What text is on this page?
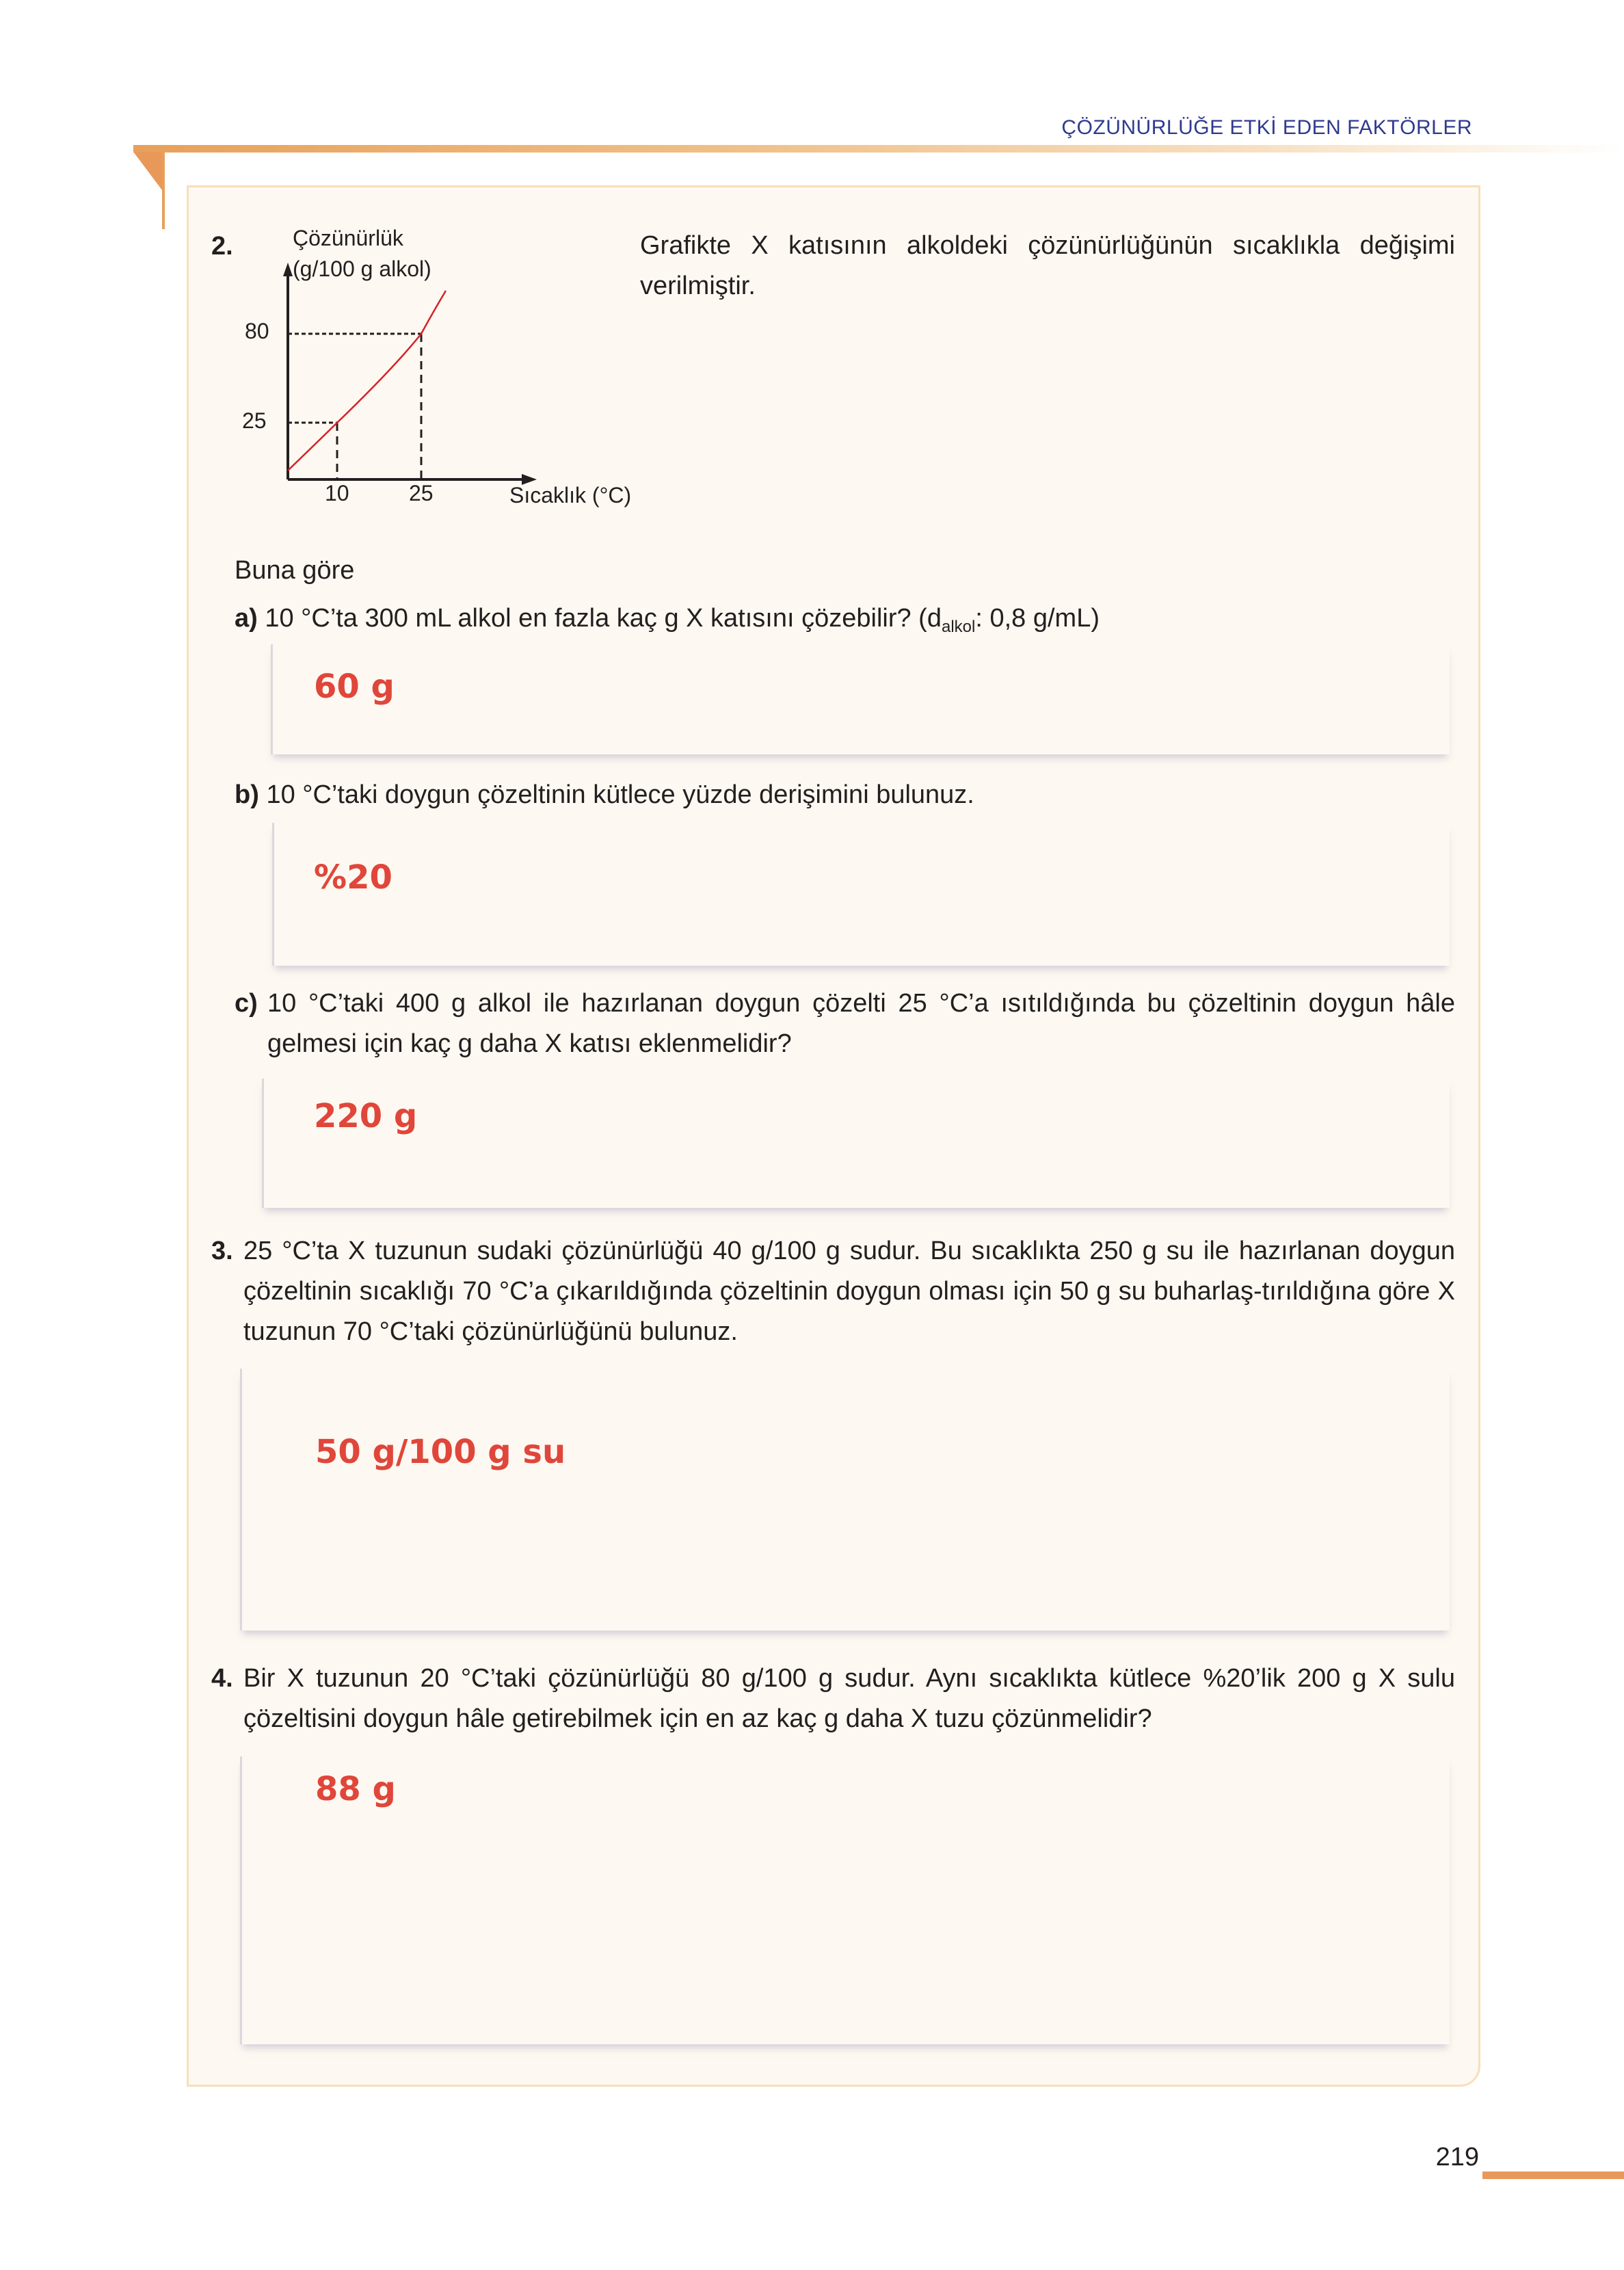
ÇÖZÜNÜRLÜĞE ETKİ EDEN FAKTÖRLER
2.	Çözünürlük
(g/100 g alkol)
80
25
10	25	Sıcaklık (°C)
Grafikte X katısının alkoldeki çözünürlüğünün sıcaklıkla değişimi verilmiştir.
Buna göre
a) 10 °C’ta 300 mL alkol en fazla kaç g X katısını çözebilir? ($d_{alkol}$: 0,8 g/mL)
60 g
b) 10 °C’taki doygun çözeltinin kütlece yüzde derişimini bulunuz.
%20
c) 10 °C’taki 400 g alkol ile hazırlanan doygun çözelti 25 °C’a ısıtıldığında bu çözeltinin doygun hâle gelmesi için kaç g daha X katısı eklenmelidir?
220 g
3. 25 °C’ta X tuzunun sudaki çözünürlüğü 40 g/100 g sudur. Bu sıcaklıkta 250 g su ile hazırlanan doygun çözeltinin sıcaklığı 70 °C’a çıkarıldığında çözeltinin doygun olması için 50 g su buharlaş-tırıldığına göre X tuzunun 70 °C’taki çözünürlüğünü bulunuz.
50 g/100 g su
4. Bir X tuzunun 20 °C’taki çözünürlüğü 80 g/100 g sudur. Aynı sıcaklıkta kütlece %20’lik 200 g X sulu çözeltisini doygun hâle getirebilmek için en az kaç g daha X tuzu çözünmelidir?
88 g
219
